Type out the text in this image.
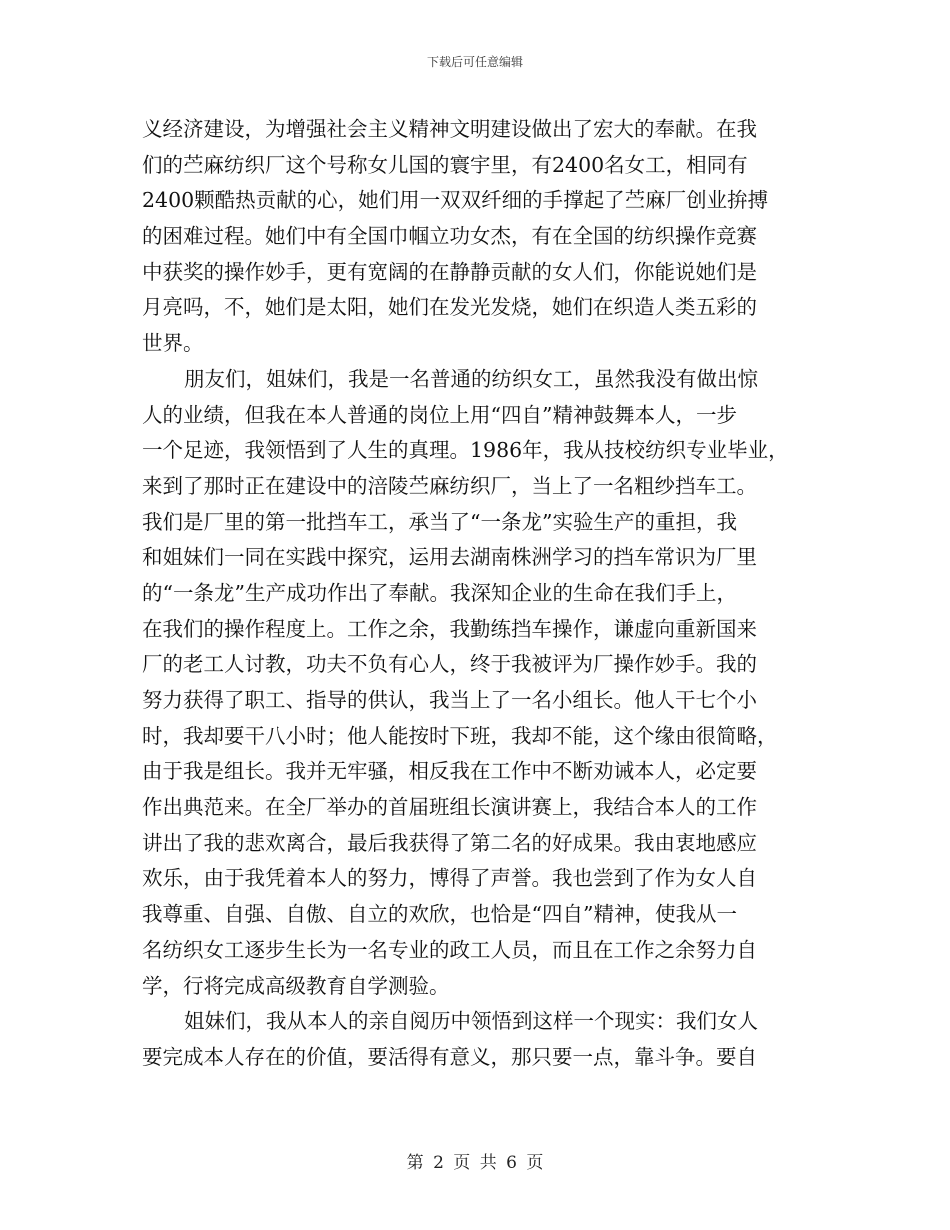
下载后可任意编辑
义经济建设，为增强社会主义精神文明建设做出了宏大的奉献。在我
们的苎麻纺织厂这个号称女儿国的寰宇里，有2400名女工，相同有
2400颗酷热贡献的心，她们用一双双纤细的手撑起了苎麻厂创业拚搏
的困难过程。她们中有全国巾帼立功女杰，有在全国的纺织操作竞赛
中获奖的操作妙手，更有宽阔的在静静贡献的女人们，你能说她们是
月亮吗，不，她们是太阳，她们在发光发烧，她们在织造人类五彩的
世界。
朋友们，姐妹们，我是一名普通的纺织女工，虽然我没有做出惊
人的业绩，但我在本人普通的岗位上用“四自”精神鼓舞本人，一步
一个足迹，我领悟到了人生的真理。1986年，我从技校纺织专业毕业，
来到了那时正在建设中的涪陵苎麻纺织厂，当上了一名粗纱挡车工。
我们是厂里的第一批挡车工，承当了“一条龙”实验生产的重担，我
和姐妹们一同在实践中探究，运用去湖南株洲学习的挡车常识为厂里
的“一条龙”生产成功作出了奉献。我深知企业的生命在我们手上，
在我们的操作程度上。工作之余，我勤练挡车操作，谦虚向重新国来
厂的老工人讨教，功夫不负有心人，终于我被评为厂操作妙手。我的
努力获得了职工、指导的供认，我当上了一名小组长。他人干七个小
时，我却要干八小时；他人能按时下班，我却不能，这个缘由很简略，
由于我是组长。我并无牢骚，相反我在工作中不断劝诫本人，必定要
作出典范来。在全厂举办的首届班组长演讲赛上，我结合本人的工作
讲出了我的悲欢离合，最后我获得了第二名的好成果。我由衷地感应
欢乐，由于我凭着本人的努力，博得了声誉。我也尝到了作为女人自
我尊重、自强、自傲、自立的欢欣，也恰是“四自”精神，使我从一
名纺织女工逐步生长为一名专业的政工人员，而且在工作之余努力自
学，行将完成高级教育自学测验。
姐妹们，我从本人的亲自阅历中领悟到这样一个现实：我们女人
要完成本人存在的价值，要活得有意义，那只要一点，靠斗争。要自
第 2 页 共 6 页
